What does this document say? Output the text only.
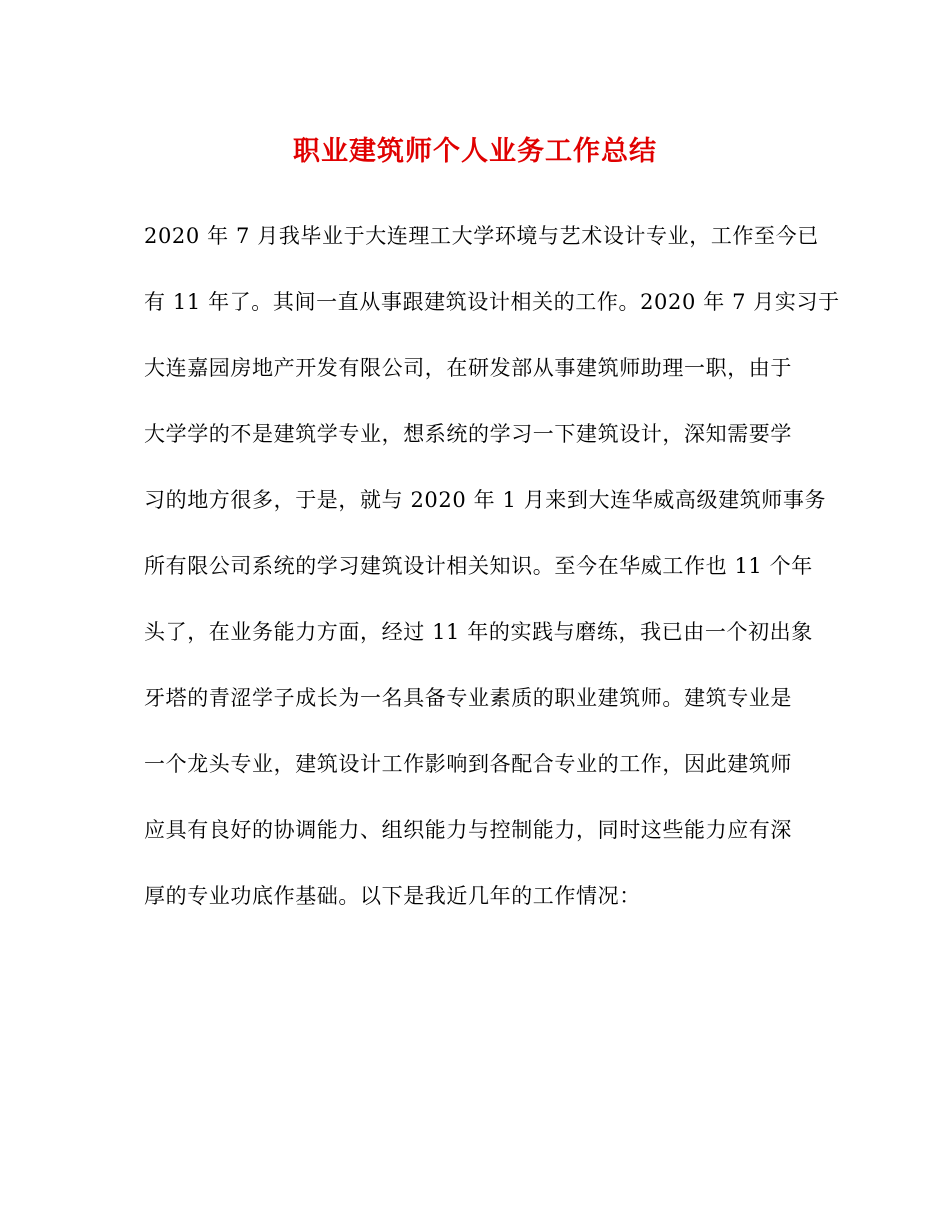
职业建筑师个人业务工作总结
2020 年 7 月我毕业于大连理工大学环境与艺术设计专业，工作至今已
有 11 年了。其间一直从事跟建筑设计相关的工作。2020 年 7 月实习于
大连嘉园房地产开发有限公司，在研发部从事建筑师助理一职，由于
大学学的不是建筑学专业，想系统的学习一下建筑设计，深知需要学
习的地方很多，于是，就与 2020 年 1 月来到大连华威高级建筑师事务
所有限公司系统的学习建筑设计相关知识。至今在华威工作也 11 个年
头了，在业务能力方面，经过 11 年的实践与磨练，我已由一个初出象
牙塔的青涩学子成长为一名具备专业素质的职业建筑师。建筑专业是
一个龙头专业，建筑设计工作影响到各配合专业的工作，因此建筑师
应具有良好的协调能力、组织能力与控制能力，同时这些能力应有深
厚的专业功底作基础。以下是我近几年的工作情况：
